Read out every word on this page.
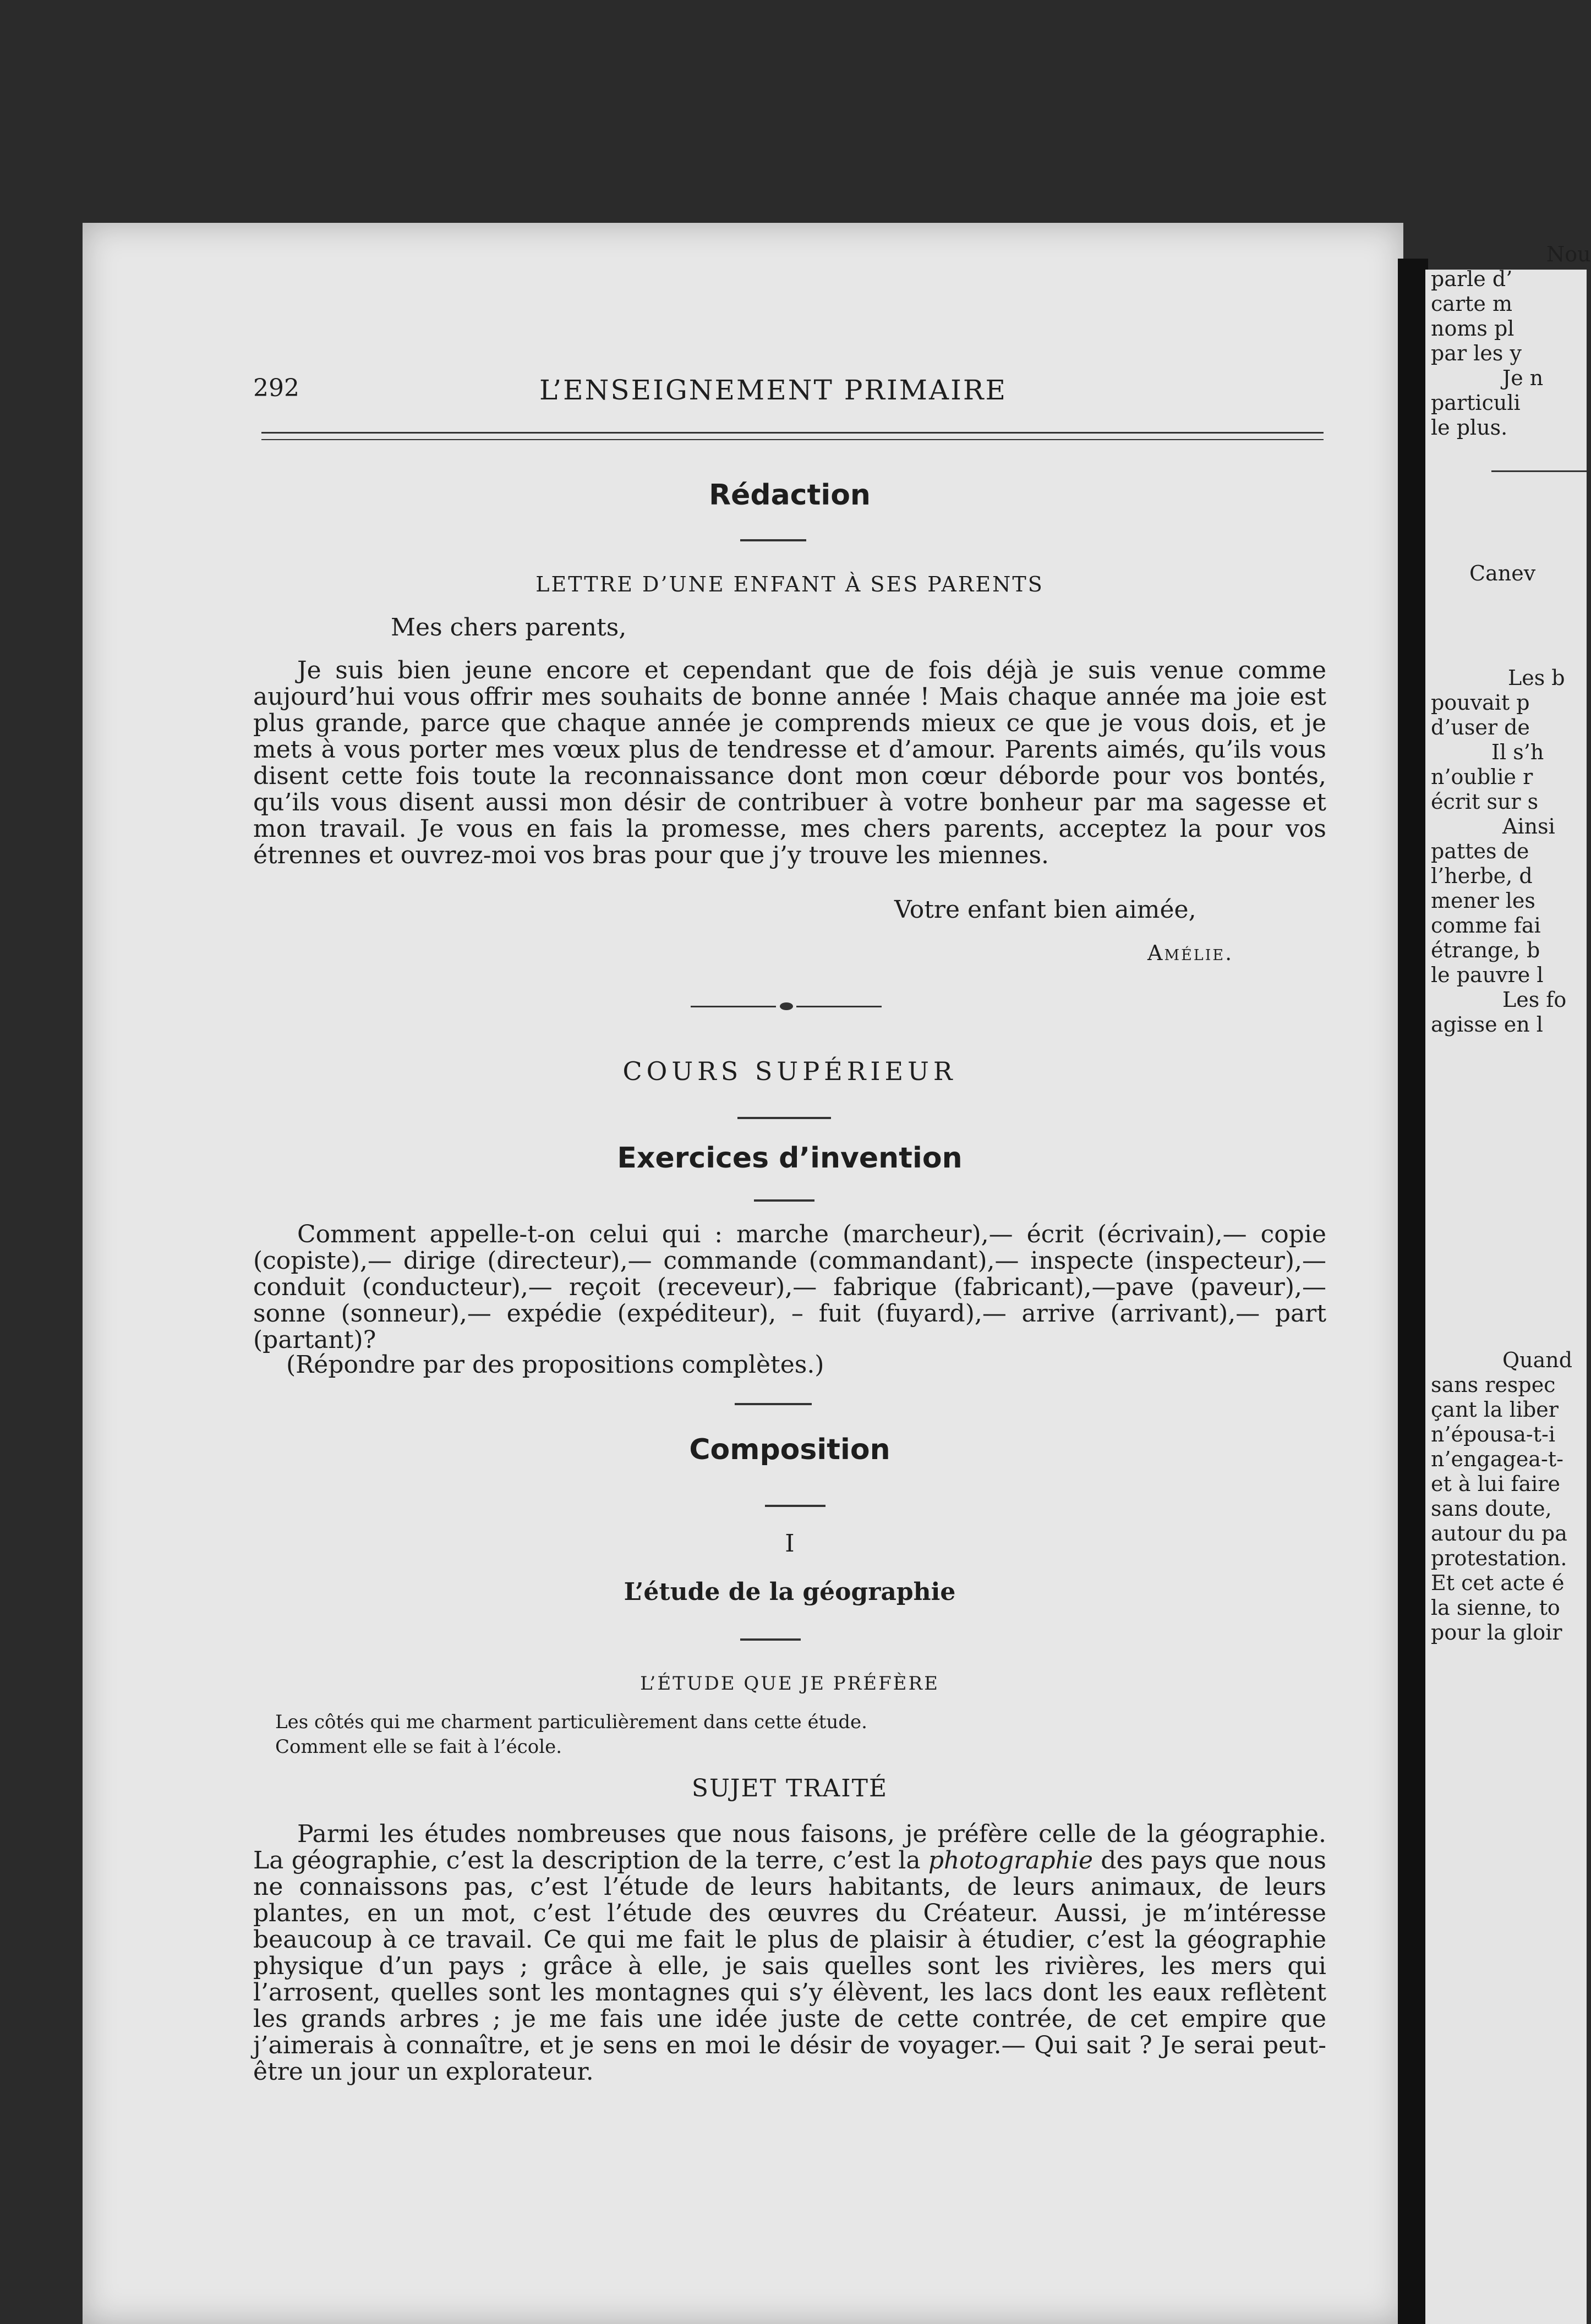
292	L’ENSEIGNEMENT PRIMAIRE
Rédaction
LETTRE D’UNE ENFANT À SES PARENTS
Mes chers parents,

Je suis bien jeune encore et cependant que de fois déjà je suis venue comme aujourd’hui vous offrir mes souhaits de bonne année ! Mais chaque année ma joie est plus grande, parce que chaque année je comprends mieux ce que je vous dois, et je mets à vous porter mes vœux plus de tendresse et d’amour. Parents aimés, qu’ils vous disent cette fois toute la reconnaissance dont mon cœur déborde pour vos bontés, qu’ils vous disent aussi mon désir de contribuer à votre bonheur par ma sagesse et mon travail. Je vous en fais la promesse, mes chers parents, acceptez la pour vos étrennes et ouvrez-moi vos bras pour que j’y trouve les miennes.

Votre enfant bien aimée,
Amélie.
COURS SUPÉRIEUR
Exercices d’invention

Comment appelle-t-on celui qui : marche (marcheur),— écrit (écrivain),— copie (copiste),— dirige (directeur),— commande (commandant),— inspecte (inspecteur),— conduit (conducteur),— reçoit (receveur),— fabrique (fabricant),—pave (paveur),— sonne (sonneur),— expédie (expéditeur), – fuit (fuyard),— arrive (arrivant),— part (partant)?

(Répondre par des propositions complètes.)
Composition
I
L’étude de la géographie
L’ÉTUDE QUE JE PRÉFÈRE
Les côtés qui me charment particulièrement dans cette étude.
Comment elle se fait à l’école.
SUJET TRAITÉ

Parmi les études nombreuses que nous faisons, je préfère celle de la géographie. La géographie, c’est la description de la terre, c’est la photographie des pays que nous ne connaissons pas, c’est l’étude de leurs habitants, de leurs animaux, de leurs plantes, en un mot, c’est l’étude des œuvres du Créateur. Aussi, je m’intéresse beaucoup à ce travail. Ce qui me fait le plus de plaisir à étudier, c’est la géographie physique d’un pays ; grâce à elle, je sais quelles sont les rivières, les mers qui l’arrosent, quelles sont les montagnes qui s’y élèvent, les lacs dont les eaux reflètent les grands arbres ; je me fais une idée juste de cette contrée, de cet empire que j’aimerais à connaître, et je sens en moi le désir de voyager.— Qui sait ? Je serai peut-être un jour un explorateur.

Nou
parle d’
carte m
noms pl
par les y
Je n
particuli
le plus.
Canev
Les b
pouvait p
d’user de
Il s’h
n’oublie r
écrit sur s
Ainsi
pattes de
l’herbe, d
mener les
comme fai
étrange, b
le pauvre l
Les fo
agisse en l
Quand
sans respec
çant la liber
n’épousa-t-i
n’engagea-t-
et à lui faire
sans doute,
autour du pa
protestation.
Et cet acte é
la sienne, to
pour la gloir
